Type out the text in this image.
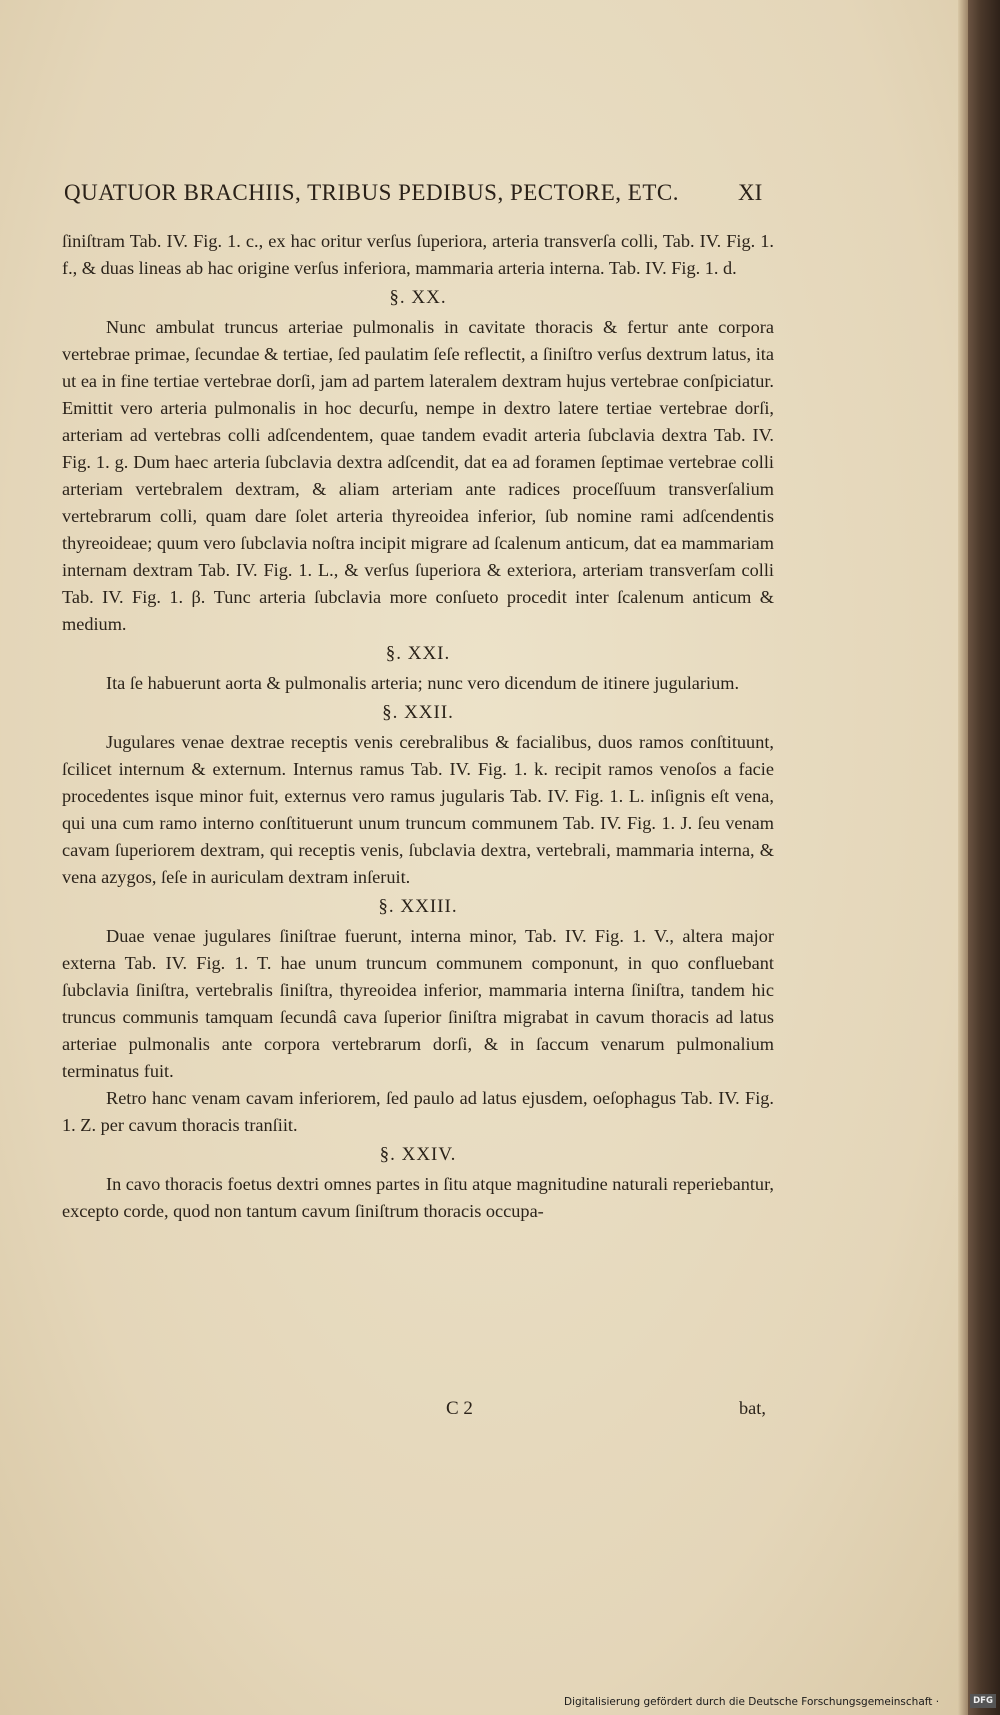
QUATUOR BRACHIIS, TRIBUS PEDIBUS, PECTORE, ETC.	XI

ſiniſtram Tab. IV. Fig. 1. c., ex hac oritur verſus ſuperiora, arteria transverſa colli, Tab. IV. Fig. 1. f., & duas lineas ab hac origine verſus inferiora, mammaria arteria interna. Tab. IV. Fig. 1. d.

§. XX.

Nunc ambulat truncus arteriae pulmonalis in cavitate thoracis & fertur ante corpora vertebrae primae, ſecundae & tertiae, ſed paulatim ſeſe reflectit, a ſiniſtro verſus dextrum latus, ita ut ea in fine tertiae vertebrae dorſi, jam ad partem lateralem dextram hujus vertebrae conſpiciatur. Emittit vero arteria pulmonalis in hoc decurſu, nempe in dextro latere tertiae vertebrae dorſi, arteriam ad vertebras colli adſcendentem, quae tandem evadit arteria ſubclavia dextra Tab. IV. Fig. 1. g. Dum haec arteria ſubclavia dextra adſcendit, dat ea ad foramen ſeptimae vertebrae colli arteriam vertebralem dextram, & aliam arteriam ante radices proceſſuum transverſalium vertebrarum colli, quam dare ſolet arteria thyreoidea inferior, ſub nomine rami adſcendentis thyreoideae; quum vero ſubclavia noſtra incipit migrare ad ſcalenum anticum, dat ea mammariam internam dextram Tab. IV. Fig. 1. L., & verſus ſuperiora & exteriora, arteriam transverſam colli Tab. IV. Fig. 1. β. Tunc arteria ſubclavia more conſueto procedit inter ſcalenum anticum & medium.

§. XXI.

Ita ſe habuerunt aorta & pulmonalis arteria; nunc vero dicendum de itinere jugularium.

§. XXII.

Jugulares venae dextrae receptis venis cerebralibus & facialibus, duos ramos conſtituunt, ſcilicet internum & externum. Internus ramus Tab. IV. Fig. 1. k. recipit ramos venoſos a facie procedentes isque minor fuit, externus vero ramus jugularis Tab. IV. Fig. 1. L. inſignis eſt vena, qui una cum ramo interno conſtituerunt unum truncum communem Tab. IV. Fig. 1. J. ſeu venam cavam ſuperiorem dextram, qui receptis venis, ſubclavia dextra, vertebrali, mammaria interna, & vena azygos, ſeſe in auriculam dextram inſeruit.

§. XXIII.

Duae venae jugulares ſiniſtrae fuerunt, interna minor, Tab. IV. Fig. 1. V., altera major externa Tab. IV. Fig. 1. T. hae unum truncum communem componunt, in quo confluebant ſubclavia ſiniſtra, vertebralis ſiniſtra, thyreoidea inferior, mammaria interna ſiniſtra, tandem hic truncus communis tamquam ſecundâ cava ſuperior ſiniſtra migrabat in cavum thoracis ad latus arteriae pulmonalis ante corpora vertebrarum dorſi, & in ſaccum venarum pulmonalium terminatus fuit.

Retro hanc venam cavam inferiorem, ſed paulo ad latus ejusdem, oeſophagus Tab. IV. Fig. 1. Z. per cavum thoracis tranſiit.

§. XXIV.

In cavo thoracis foetus dextri omnes partes in ſitu atque magnitudine naturali reperiebantur, excepto corde, quod non tantum cavum ſiniſtrum thoracis occupa-

C 2	bat,
Digitalisierung gefördert durch die Deutsche Forschungsgemeinschaft ·	DFG
